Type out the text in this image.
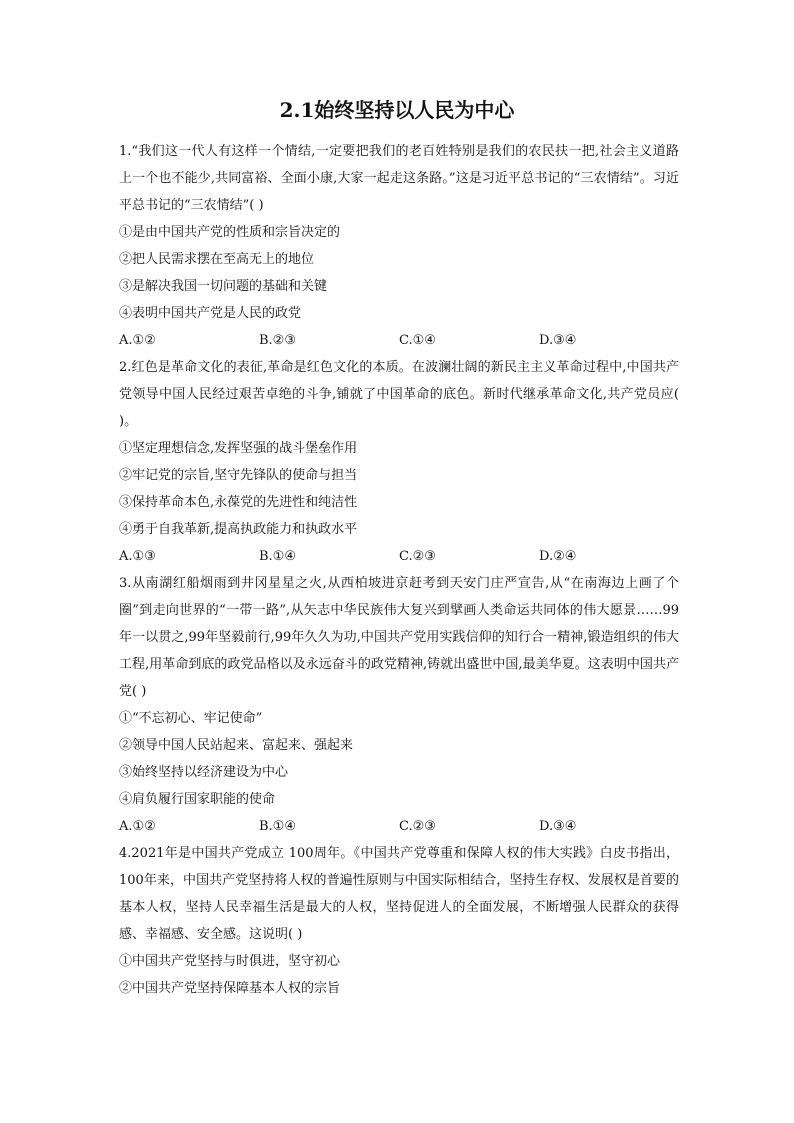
2.1始终坚持以人民为中心
1.“我们这一代人有这样一个情结,一定要把我们的老百姓特别是我们的农民扶一把,社会主义道路上一个也不能少,共同富裕、全面小康,大家一起走这条路。”这是习近平总书记的“三农情结”。习近平总书记的“三农情结”( )
①是由中国共产党的性质和宗旨决定的
②把人民需求摆在至高无上的地位
③是解决我国一切问题的基础和关键
④表明中国共产党是人民的政党
A.①②	B.②③	C.①④	D.③④
2.红色是革命文化的表征,革命是红色文化的本质。在波澜壮阔的新民主主义革命过程中,中国共产党领导中国人民经过艰苦卓绝的斗争,铺就了中国革命的底色。新时代继承革命文化,共产党员应( )。
①坚定理想信念,发挥坚强的战斗堡垒作用
②牢记党的宗旨,坚守先锋队的使命与担当
③保持革命本色,永葆党的先进性和纯洁性
④勇于自我革新,提高执政能力和执政水平
A.①③	B.①④	C.②③	D.②④
3.从南湖红船烟雨到井冈星星之火,从西柏坡进京赶考到天安门庄严宣告,从“在南海边上画了个圈”到走向世界的“一带一路”,从矢志中华民族伟大复兴到擘画人类命运共同体的伟大愿景……99年一以贯之,99年坚毅前行,99年久久为功,中国共产党用实践信仰的知行合一精神,锻造组织的伟大工程,用革命到底的政党品格以及永远奋斗的政党精神,铸就出盛世中国,最美华夏。这表明中国共产党( )
①“不忘初心、牢记使命”
②领导中国人民站起来、富起来、强起来
③始终坚持以经济建设为中心
④肩负履行国家职能的使命
A.①②	B.①④	C.②③	D.③④
4.2021年是中国共产党成立 100周年。《中国共产党尊重和保障人权的伟大实践》白皮书指出，100年来，中国共产党坚持将人权的普遍性原则与中国实际相结合，坚持生存权、发展权是首要的基本人权，坚持人民幸福生活是最大的人权，坚持促进人的全面发展，不断增强人民群众的获得感、幸福感、安全感。这说明( )
①中国共产党坚持与时俱进，坚守初心
②中国共产党坚持保障基本人权的宗旨
